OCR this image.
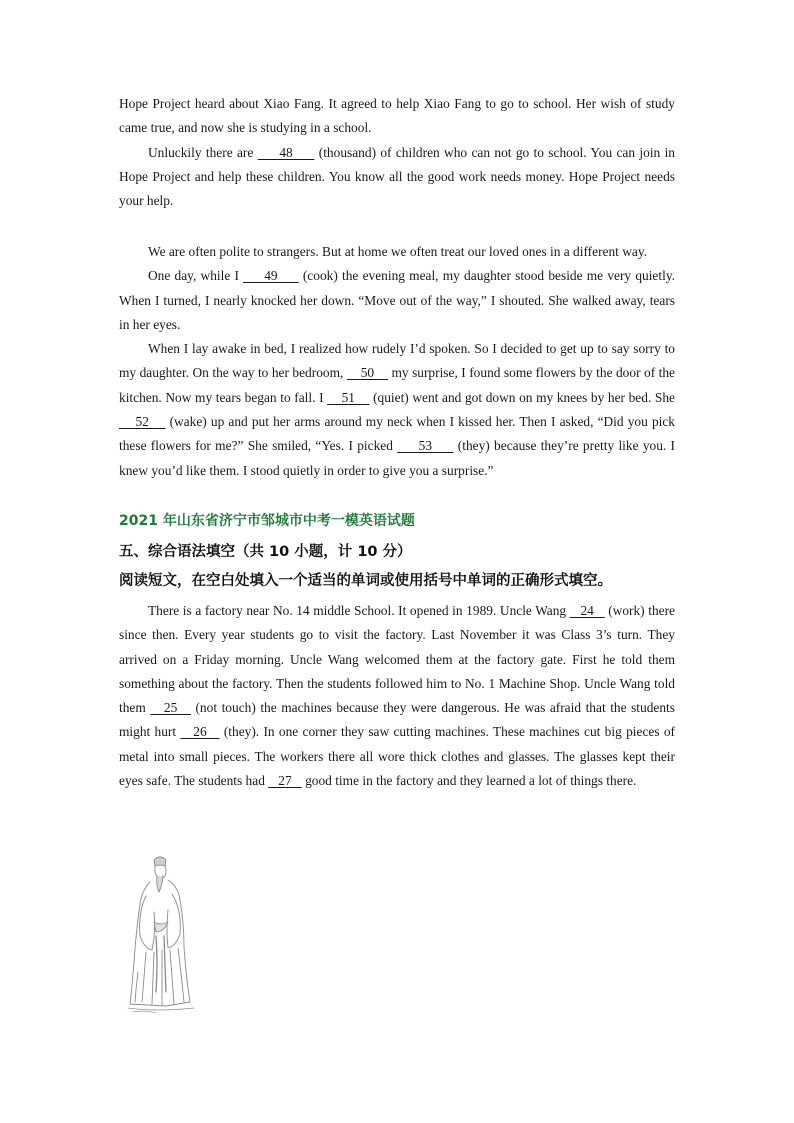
Hope Project heard about Xiao Fang. It agreed to help Xiao Fang to go to school. Her wish of study came true, and now she is studying in a school.

Unluckily there are      48      (thousand) of children who can not go to school. You can join in Hope Project and help these children. You know all the good work needs money. Hope Project needs your help.

We are often polite to strangers. But at home we often treat our loved ones in a different way.

One day, while I      49      (cook) the evening meal, my daughter stood beside me very quietly. When I turned, I nearly knocked her down. “Move out of the way,” I shouted. She walked away, tears in her eyes.

When I lay awake in bed, I realized how rudely I’d spoken. So I decided to get up to say sorry to my daughter. On the way to her bedroom,     50     my surprise, I found some flowers by the door of the kitchen. Now my tears began to fall. I     51     (quiet) went and got down on my knees by her bed. She     52     (wake) up and put her arms around my neck when I kissed her. Then I asked, “Did you pick these flowers for me?” She smiled, “Yes. I picked      53      (they) because they’re pretty like you. I knew you’d like them. I stood quietly in order to give you a surprise.”

2021 年山东省济宁市邹城市中考一模英语试题
五、综合语法填空（共 10 小题，计 10 分）
阅读短文，在空白处填入一个适当的单词或使用括号中单词的正确形式填空。

There is a factory near No. 14 middle School. It opened in 1989. Uncle Wang    24    (work) there since then. Every year students go to visit the factory. Last November it was Class 3’s turn. They arrived on a Friday morning. Uncle Wang welcomed them at the factory gate. First he told them something about the factory. Then the students followed him to No. 1 Machine Shop. Uncle Wang told them    25    (not touch) the machines because they were dangerous. He was afraid that the students might hurt    26    (they). In one corner they saw cutting machines. These machines cut big pieces of metal into small pieces. The workers there all wore thick clothes and glasses. The glasses kept their eyes safe. The students had    27    good time in the factory and they learned a lot of things there.
